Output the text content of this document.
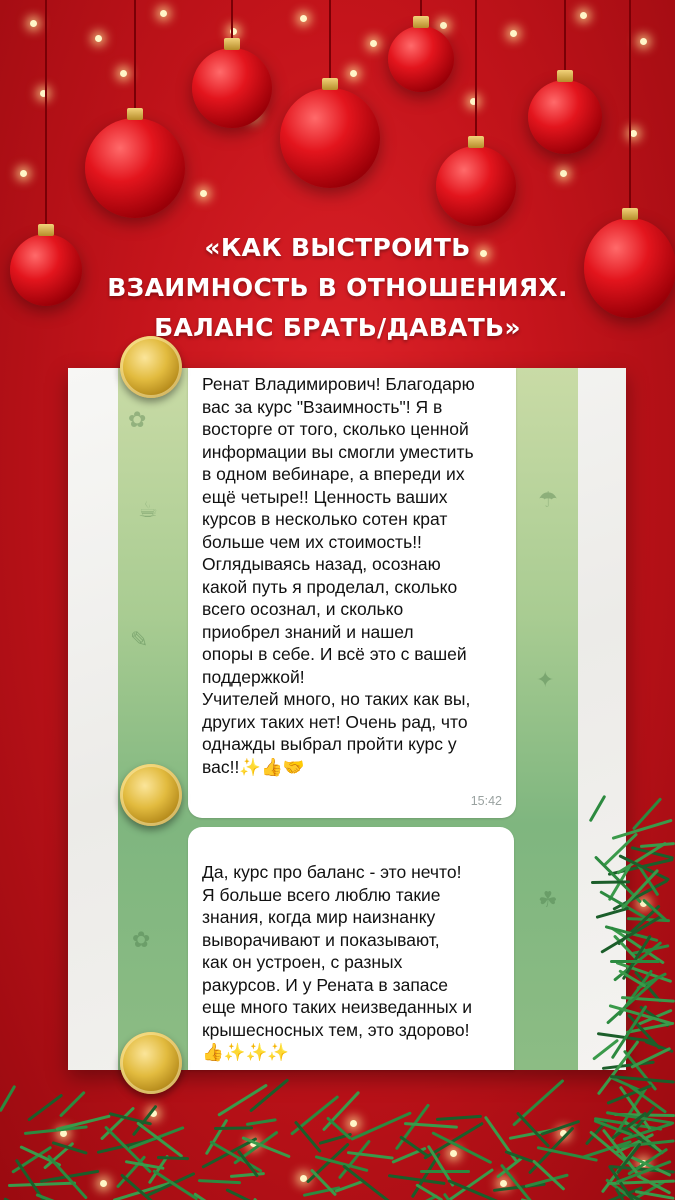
«КАК ВЫСТРОИТЬ ВЗАИМНОСТЬ В ОТНОШЕНИЯХ. БАЛАНС БРАТЬ/ДАВАТЬ»
✿
☕
✎
✿
☂
✦
☘
Ренат Владимирович! Благодарю
вас за курс "Взаимность"! Я в
восторге от того, сколько ценной
информации вы смогли уместить
в одном вебинаре, а впереди их
ещё четыре!! Ценность ваших
курсов в несколько сотен крат
больше чем их стоимость!!
Оглядываясь назад, осознаю
какой путь я проделал, сколько
всего осознал, и сколько
приобрел знаний и нашел
опоры в себе. И всё это с вашей
поддержкой!
Учителей много, но таких как вы,
других таких нет! Очень рад, что
однажды выбрал пройти курс у
вас!!✨👍🤝
15:42
Да, курс про баланс - это нечто!
Я больше всего люблю такие
знания, когда мир наизнанку
выворачивают и показывают,
как он устроен, с разных
ракурсов. И у Рената в запасе
еще много таких неизведанных и
крышесносных тем, это здорово!
👍✨✨✨
